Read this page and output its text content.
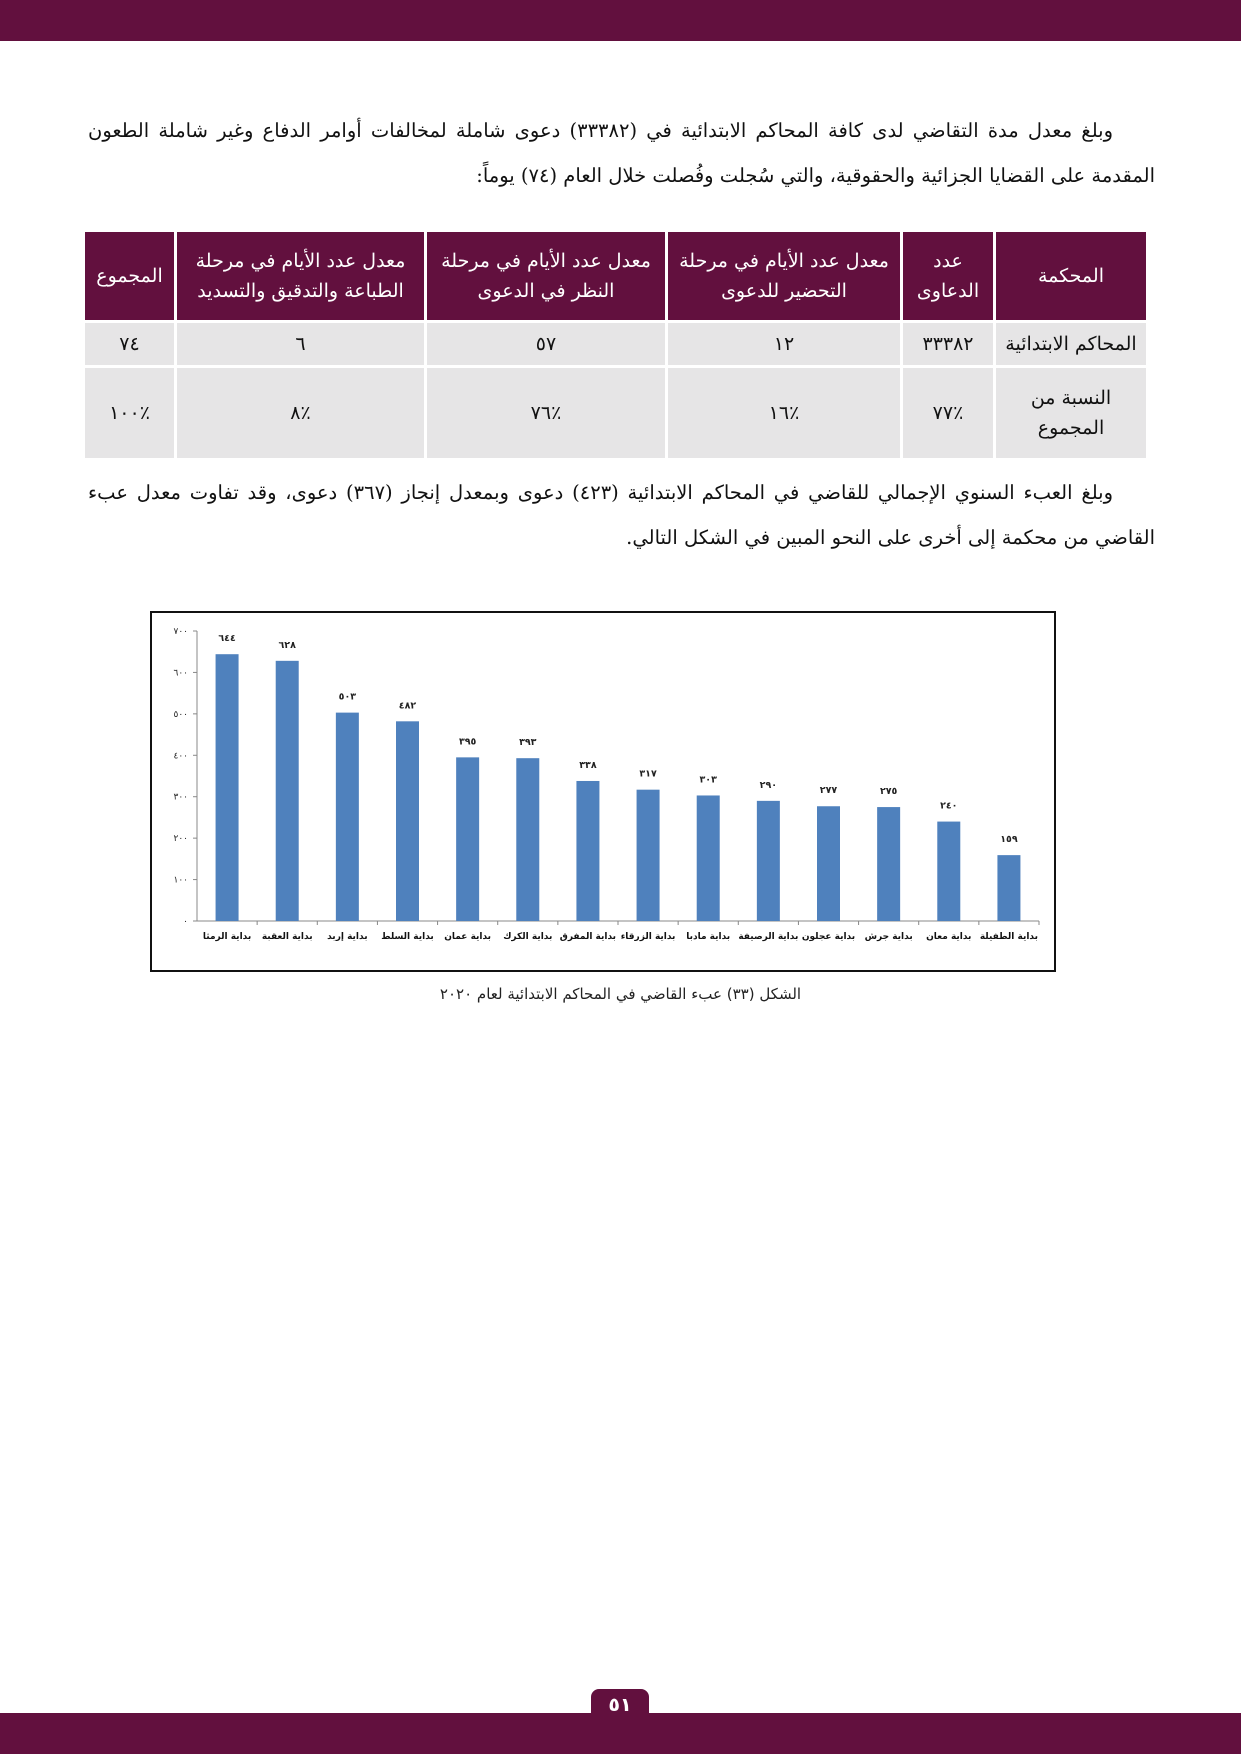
وبلغ معدل مدة التقاضي لدى كافة المحاكم الابتدائية في (٣٣٣٨٢) دعوى شاملة لمخالفات أوامر الدفاع وغير شاملة الطعون المقدمة على القضايا الجزائية والحقوقية، والتي سُجلت وفُصلت خلال العام (٧٤) يوماً:

المحكمة	عدد الدعاوى	معدل عدد الأيام في مرحلة التحضير للدعوى	معدل عدد الأيام في مرحلة النظر في الدعوى	معدل عدد الأيام في مرحلة الطباعة والتدقيق والتسديد	المجموع
المحاكم الابتدائية	٣٣٣٨٢	١٢	٥٧	٦	٧٤
النسبة من المجموع	٪٧٧	٪١٦	٪٧٦	٪٨	٪١٠٠

وبلغ العبء السنوي الإجمالي للقاضي في المحاكم الابتدائية (٤٢٣) دعوى وبمعدل إنجاز (٣٦٧) دعوى، وقد تفاوت معدل عبء القاضي من محكمة إلى أخرى على النحو المبين في الشكل التالي.

٠
١٠٠
٢٠٠
٣٠٠
٤٠٠
٥٠٠
٦٠٠
٧٠٠
٦٤٤
بداية الرمثا
٦٢٨
بداية العقبة
٥٠٣
بداية إربد
٤٨٢
بداية السلط
٣٩٥
بداية عمان
٣٩٣
بداية الكرك
٣٣٨
بداية المفرق
٣١٧
بداية الزرقاء
٣٠٣
بداية مادبا
٢٩٠
بداية الرصيفة
٢٧٧
بداية عجلون
٢٧٥
بداية جرش
٢٤٠
بداية معان
١٥٩
بداية الطفيلة
الشكل (٣٣) عبء القاضي في المحاكم الابتدائية لعام ٢٠٢٠
٥١
